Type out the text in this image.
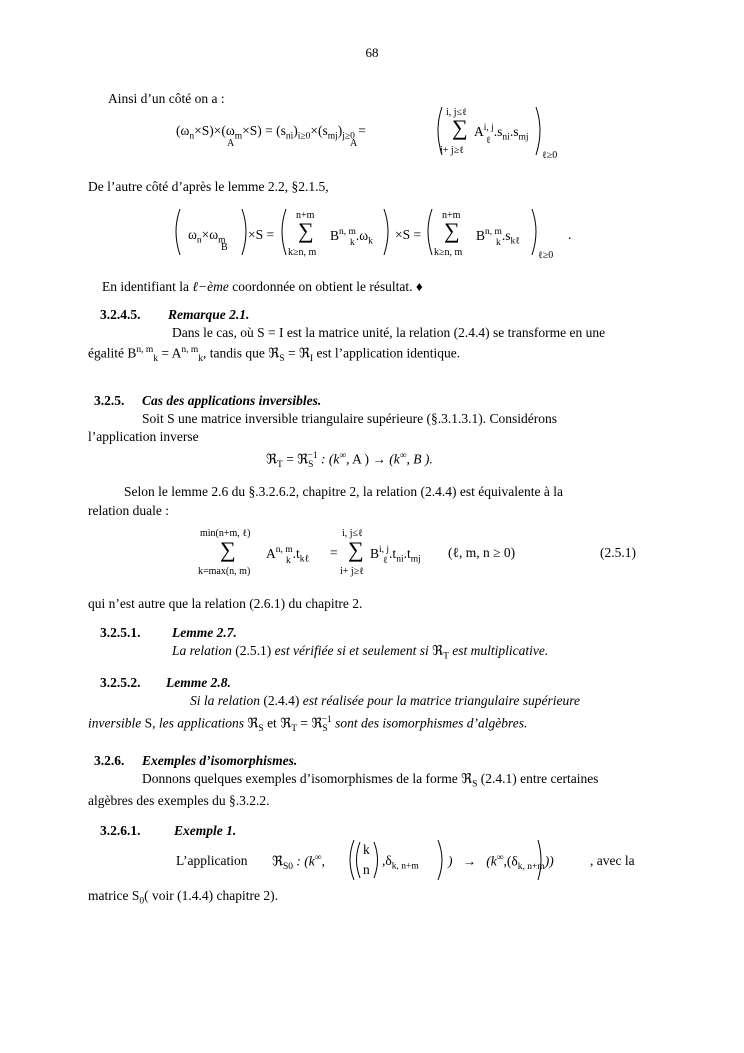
68
Ainsi d’un côté on a :
$(\omega_n\times S)\times(\omega_m\times S) = (s_{ni})_{i\ge 0}\times(s_{mj})_{j\ge 0}$ =
A	A
i, j≤ℓ
∑
i+ j≥ℓ
$A^{i, j}.s_{ni}.s_{mj}$
ℓ
ℓ≥0
De l’autre côté d’après le lemme 2.2, §2.1.5,
$\omega_n\times\omega_m$
B
×S =
n+m
∑
k≥n, m
$B^{n, m}.\omega_k$
k
×S =
n+m
∑
k≥n, m
$B^{n, m}.s_{k\ell}$
k
ℓ≥0
.
En identifiant la ℓ−ème coordonnée on obtient le résultat. ♦
3.2.4.5. Remarque 2.1.
Dans le cas, où S = I est la matrice unité, la relation (2.4.4) se transforme en une
égalité B$^{n, m}_k$ = A$^{n, m}_k$, tandis que ℜ$_S$ = ℜ$_I$ est l’application identique.
3.2.5. Cas des applications inversibles.
Soit S une matrice inversible triangulaire supérieure (§.3.1.3.1). Considérons
l’application inverse
ℜ$_T$ = ℜ$_S^{-1}$ : (k∞, A ) → (k∞, B ).
Selon le lemme 2.6 du §.3.2.6.2, chapitre 2, la relation (2.4.4) est équivalente à la
relation duale :
min(n+m, ℓ)
∑
k=max(n, m)
$A^{n, m}.t_{k\ell}$
k
=
i, j≤ℓ
∑
i+ j≥ℓ
$B^{i, j}.t_{ni}.t_{mj}$
ℓ
(ℓ, m, n ≥ 0)	(2.5.1)
qui n’est autre que la relation (2.6.1) du chapitre 2.
3.2.5.1. Lemme 2.7.
La relation (2.5.1) est vérifiée si et seulement si ℜ$_T$ est multiplicative.
3.2.5.2. Lemme 2.8.
Si la relation (2.4.4) est réalisée pour la matrice triangulaire supérieure
inversible S, les applications ℜ$_S$ et ℜ$_T$ = ℜ$_S^{-1}$ sont des isomorphismes d’algèbres.
3.2.6. Exemples d’isomorphismes.
Donnons quelques exemples d’isomorphismes de la forme ℜ$_S$ (2.4.1) entre certaines
algèbres des exemples du §.3.2.2.
3.2.6.1. Exemple 1.
L’application ℜ$_{S0}$ : (k∞,
k
n
$,\delta_{k, n+m}$ ) → $(k^\infty,(\delta_{k, n+m}))$	, avec la
matrice $S_0$( voir (1.4.4) chapitre 2).
